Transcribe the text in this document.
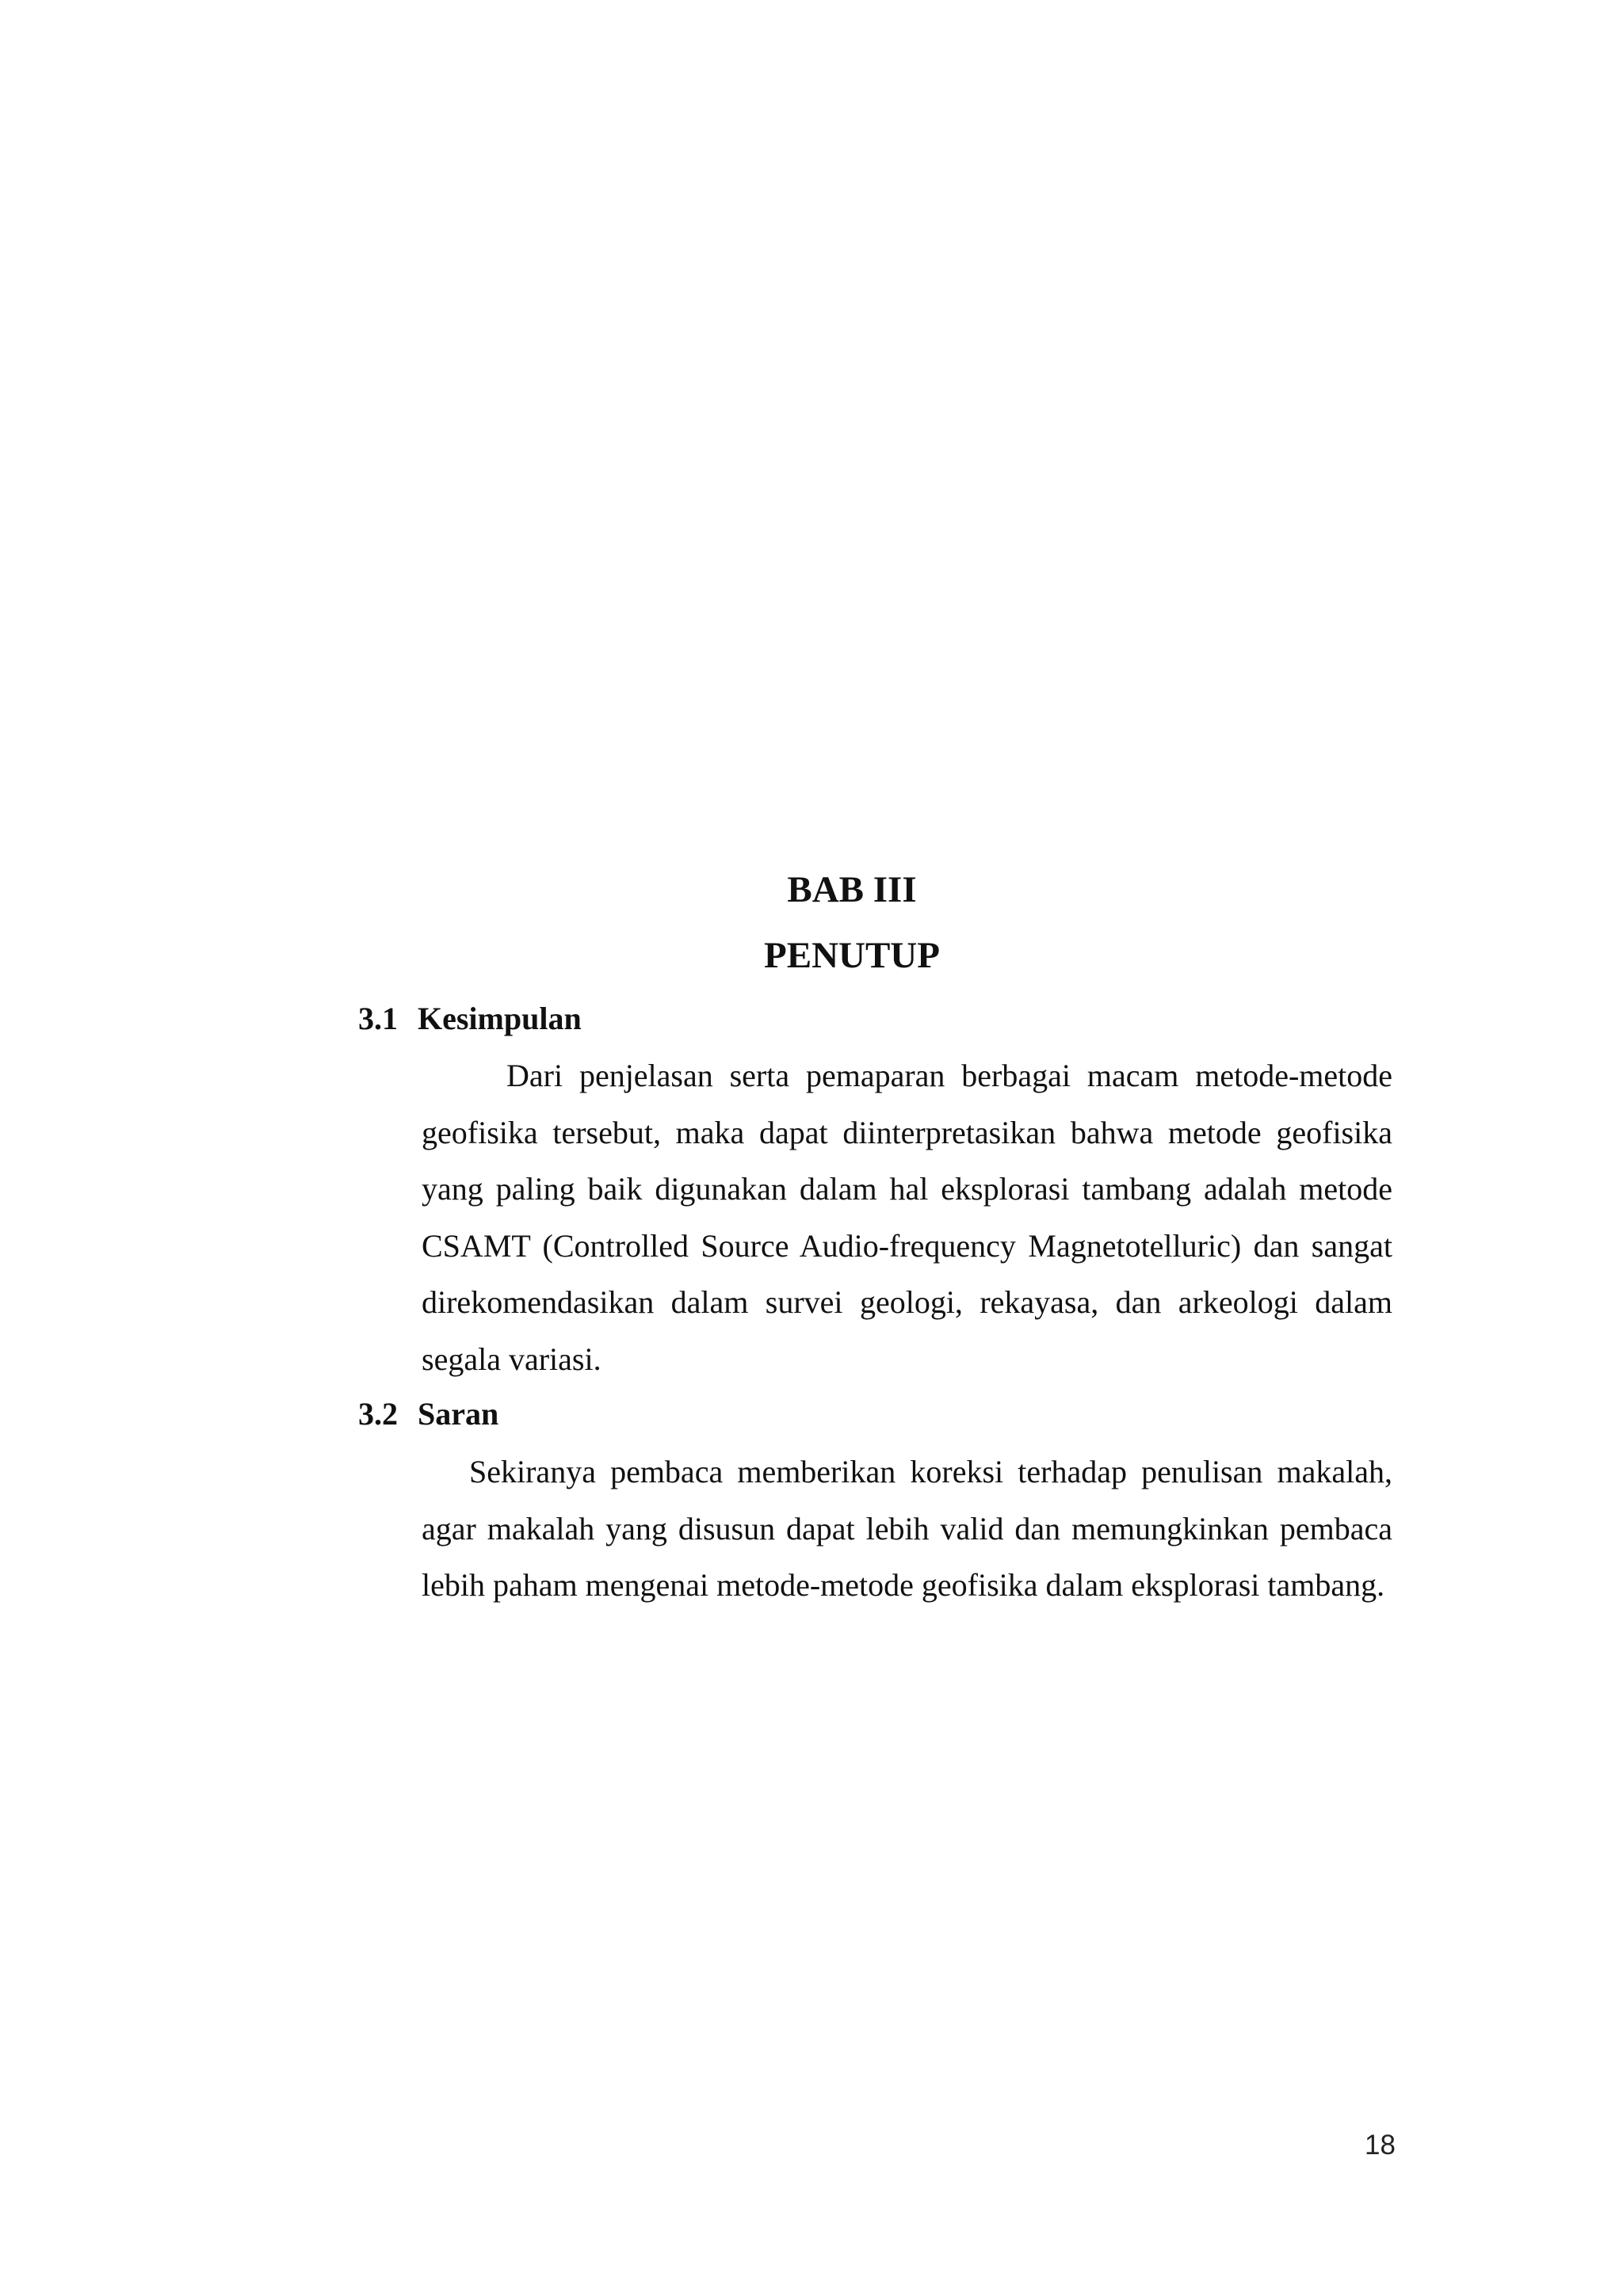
BAB III
PENUTUP
3.1 Kesimpulan

Dari penjelasan serta pemaparan berbagai macam metode-metode geofisika tersebut, maka dapat diinterpretasikan bahwa metode geofisika yang paling baik digunakan dalam hal eksplorasi tambang adalah metode CSAMT (Controlled Source Audio-frequency Magnetotelluric) dan sangat direkomendasikan dalam survei geologi, rekayasa, dan arkeologi dalam segala variasi.

3.2 Saran

Sekiranya pembaca memberikan koreksi terhadap penulisan makalah, agar makalah yang disusun dapat lebih valid dan memungkinkan pembaca lebih paham mengenai metode-metode geofisika dalam eksplorasi tambang.

18
